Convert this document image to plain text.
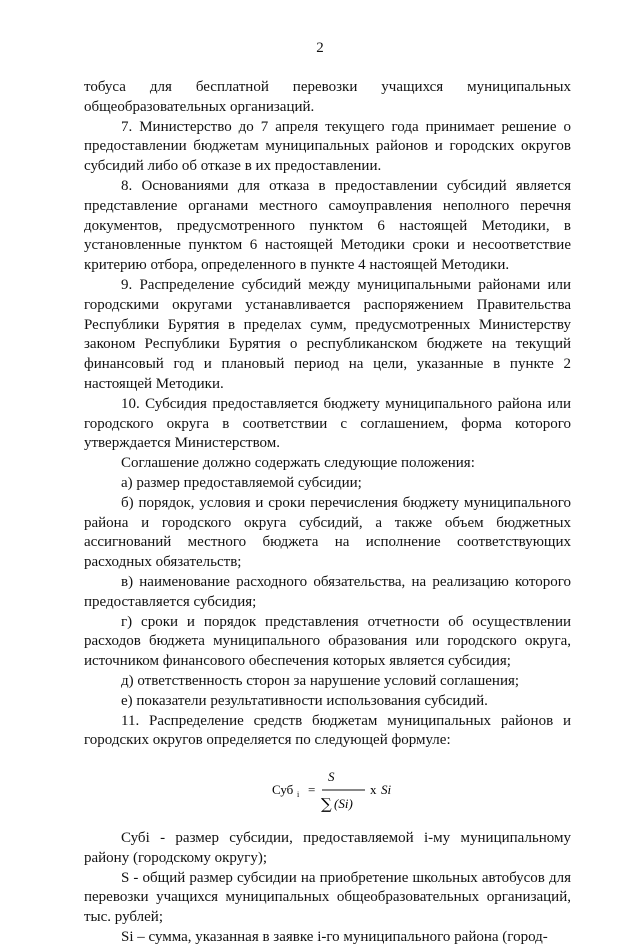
2

тобуса для бесплатной перевозки учащихся муниципальных общеобразовательных организаций.

7. Министерство до 7 апреля текущего года принимает решение о предоставлении бюджетам муниципальных районов и городских округов субсидий либо об отказе в их предоставлении.

8. Основаниями для отказа в предоставлении субсидий является представление органами местного самоуправления неполного перечня документов, предусмотренного пунктом 6 настоящей Методики, в установленные пунктом 6 настоящей Методики сроки и несоответствие критерию отбора, определенного в пункте 4 настоящей Методики.

9. Распределение субсидий между муниципальными районами или городскими округами устанавливается распоряжением Правительства Республики Бурятия в пределах сумм, предусмотренных Министерству законом Республики Бурятия о республиканском бюджете на текущий финансовый год и плановый период на цели, указанные в пункте 2 настоящей Методики.

10. Субсидия предоставляется бюджету муниципального района или городского округа в соответствии с соглашением, форма которого утверждается Министерством.

Соглашение должно содержать следующие положения:

а) размер предоставляемой субсидии;

б) порядок, условия и сроки перечисления бюджету муниципального района и городского округа субсидий, а также объем бюджетных ассигнований местного бюджета на исполнение соответствующих расходных обязательств;

в) наименование расходного обязательства, на реализацию которого предоставляется субсидия;

г) сроки и порядок представления отчетности об осуществлении расходов бюджета муниципального образования или городского округа, источником финансового обеспечения которых является субсидия;

д) ответственность сторон за нарушение условий соглашения;

е) показатели результативности использования субсидий.

11. Распределение средств бюджетам муниципальных районов и городских округов определяется по следующей формуле:

Суб i =
S
∑ (Si)
x Si

Субi - размер субсидии, предоставляемой i-му муниципальному району (городскому округу);

S - общий размер субсидии на приобретение школьных автобусов для перевозки учащихся муниципальных общеобразовательных организаций, тыс. рублей;

Si – сумма, указанная в заявке i-го муниципального района (город-
